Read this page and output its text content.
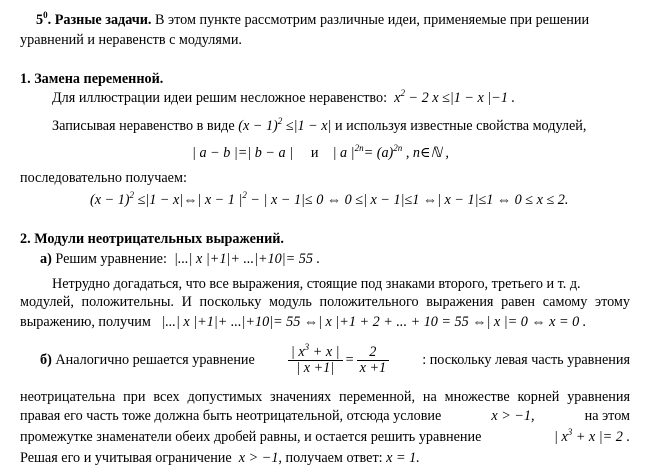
$5^0$. Разные задачи. В этом пункте рассмотрим различные идеи, применяемые при решении
уравнений и неравенств с модулями.
1. Замена переменной.
Для иллюстрации идеи решим несложное неравенство: $x^2 - 2$ x ≤|1 − x |−1 .
Записывая неравенство в виде $(x - 1)^2 \le|1 - x|$ и используя известные свойства модулей,
| a − b |=| b − a | и | a $|^{2n}= (a)^{2n}$ , n∈ℕ ,
последовательно получаем:
$(x - 1)^2 \le|1$ − x|⇔| x − 1 $|^2$ − | x − 1|≤ 0 ⇔ 0 ≤| x − 1|≤1 ⇔| x − 1|≤1 ⇔ 0 ≤ x ≤ 2.
2. Модули неотрицательных выражений.
а) Решим уравнение: |...| x |+1|+ ...|+10|= 55 .
Нетрудно догадаться, что все выражения, стоящие под знаками второго, третьего и т. д.
модулей, положительны. И поскольку модуль положительного выражения равен самому этому
выражению, получим |...| x |+1|+ ...|+10|= 55 ⇔| x |+1 + 2 + ... + 10 = 55 ⇔| x |= 0 ⇔ x = 0 .
б) Аналогично решается уравнение $\frac{| x^3 + x |}{| x +1|} = \frac{2}{x +1}$ : поскольку левая часть уравнения
неотрицательна при всех допустимых значениях переменной, на множестве корней уравнения
правая его часть тоже должна быть неотрицательной, отсюда условие	x > −1,	на этом
промежутке знаменатели обеих дробей равны, и остается решить уравнение	| $x^3 + x$ |= 2 .
Решая его и учитывая ограничение x > −1, получаем ответ: x = 1.
